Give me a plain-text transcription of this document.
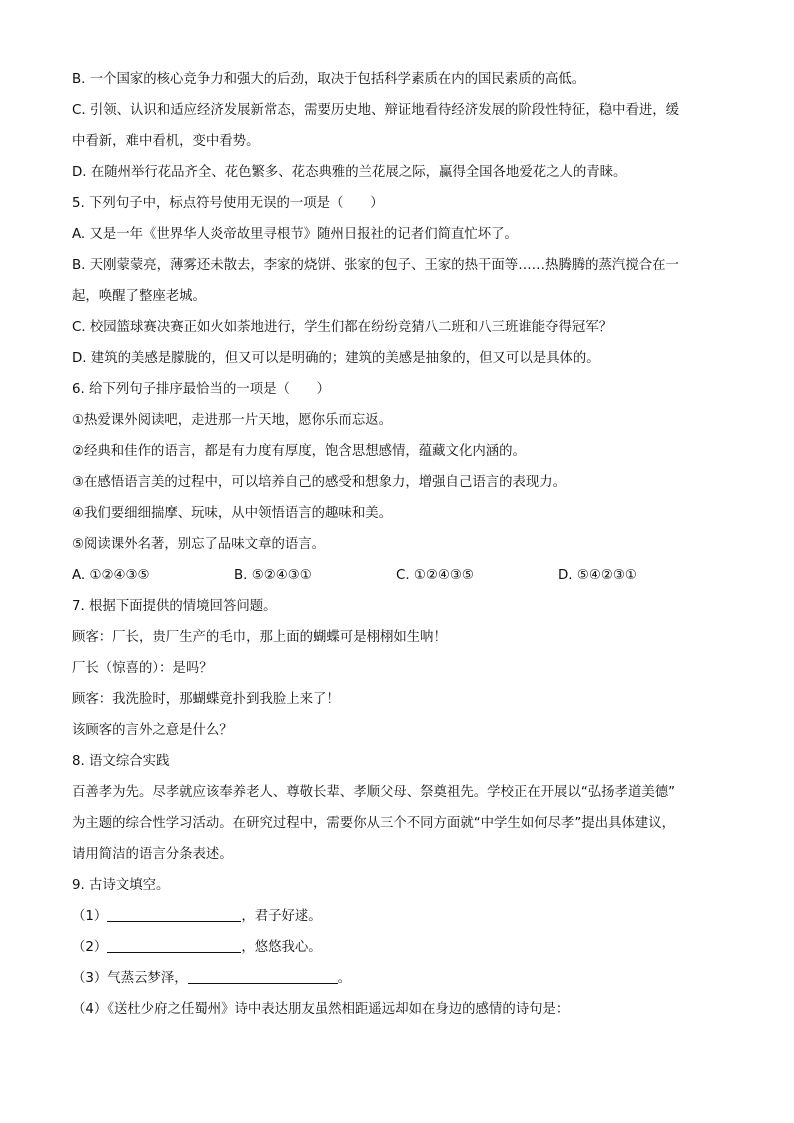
B. 一个国家的核心竞争力和强大的后劲，取决于包括科学素质在内的国民素质的高低。
C. 引领、认识和适应经济发展新常态，需要历史地、辩证地看待经济发展的阶段性特征，稳中看进，缓
中看新，难中看机，变中看势。
D. 在随州举行花品齐全、花色繁多、花态典雅的兰花展之际，赢得全国各地爱花之人的青睐。
5. 下列句子中，标点符号使用无误的一项是（　　）
A. 又是一年《世界华人炎帝故里寻根节》随州日报社的记者们简直忙坏了。
B. 天刚蒙蒙亮，薄雾还未散去，李家的烧饼、张家的包子、王家的热干面等……热腾腾的蒸汽搅合在一
起，唤醒了整座老城。
C. 校园篮球赛决赛正如火如荼地进行，学生们都在纷纷竞猜八二班和八三班谁能夺得冠军？
D. 建筑的美感是朦胧的，但又可以是明确的；建筑的美感是抽象的，但又可以是具体的。
6. 给下列句子排序最恰当的一项是（　　）
①热爱课外阅读吧，走进那一片天地，愿你乐而忘返。
②经典和佳作的语言，都是有力度有厚度，饱含思想感情，蕴藏文化内涵的。
③在感悟语言美的过程中，可以培养自己的感受和想象力，增强自己语言的表现力。
④我们要细细揣摩、玩味，从中领悟语言的趣味和美。
⑤阅读课外名著，别忘了品味文章的语言。
A. ①②④③⑤	B. ⑤②④③①	C. ①②④③⑤	D. ⑤④②③①
7. 根据下面提供的情境回答问题。
顾客：厂长，贵厂生产的毛巾，那上面的蝴蝶可是栩栩如生呐！
厂长（惊喜的）：是吗？
顾客：我洗脸时，那蝴蝶竟扑到我脸上来了！
该顾客的言外之意是什么？
8. 语文综合实践
百善孝为先。尽孝就应该奉养老人、尊敬长辈、孝顺父母、祭奠祖先。学校正在开展以“弘扬孝道美德”
为主题的综合性学习活动。在研究过程中，需要你从三个不同方面就“中学生如何尽孝”提出具体建议，
请用简洁的语言分条表述。
9. 古诗文填空。
（1）	，君子好逑。
（2）	，悠悠我心。
（3）气蒸云梦泽，	。
（4）《送杜少府之任蜀州》诗中表达朋友虽然相距遥远却如在身边的感情的诗句是：
